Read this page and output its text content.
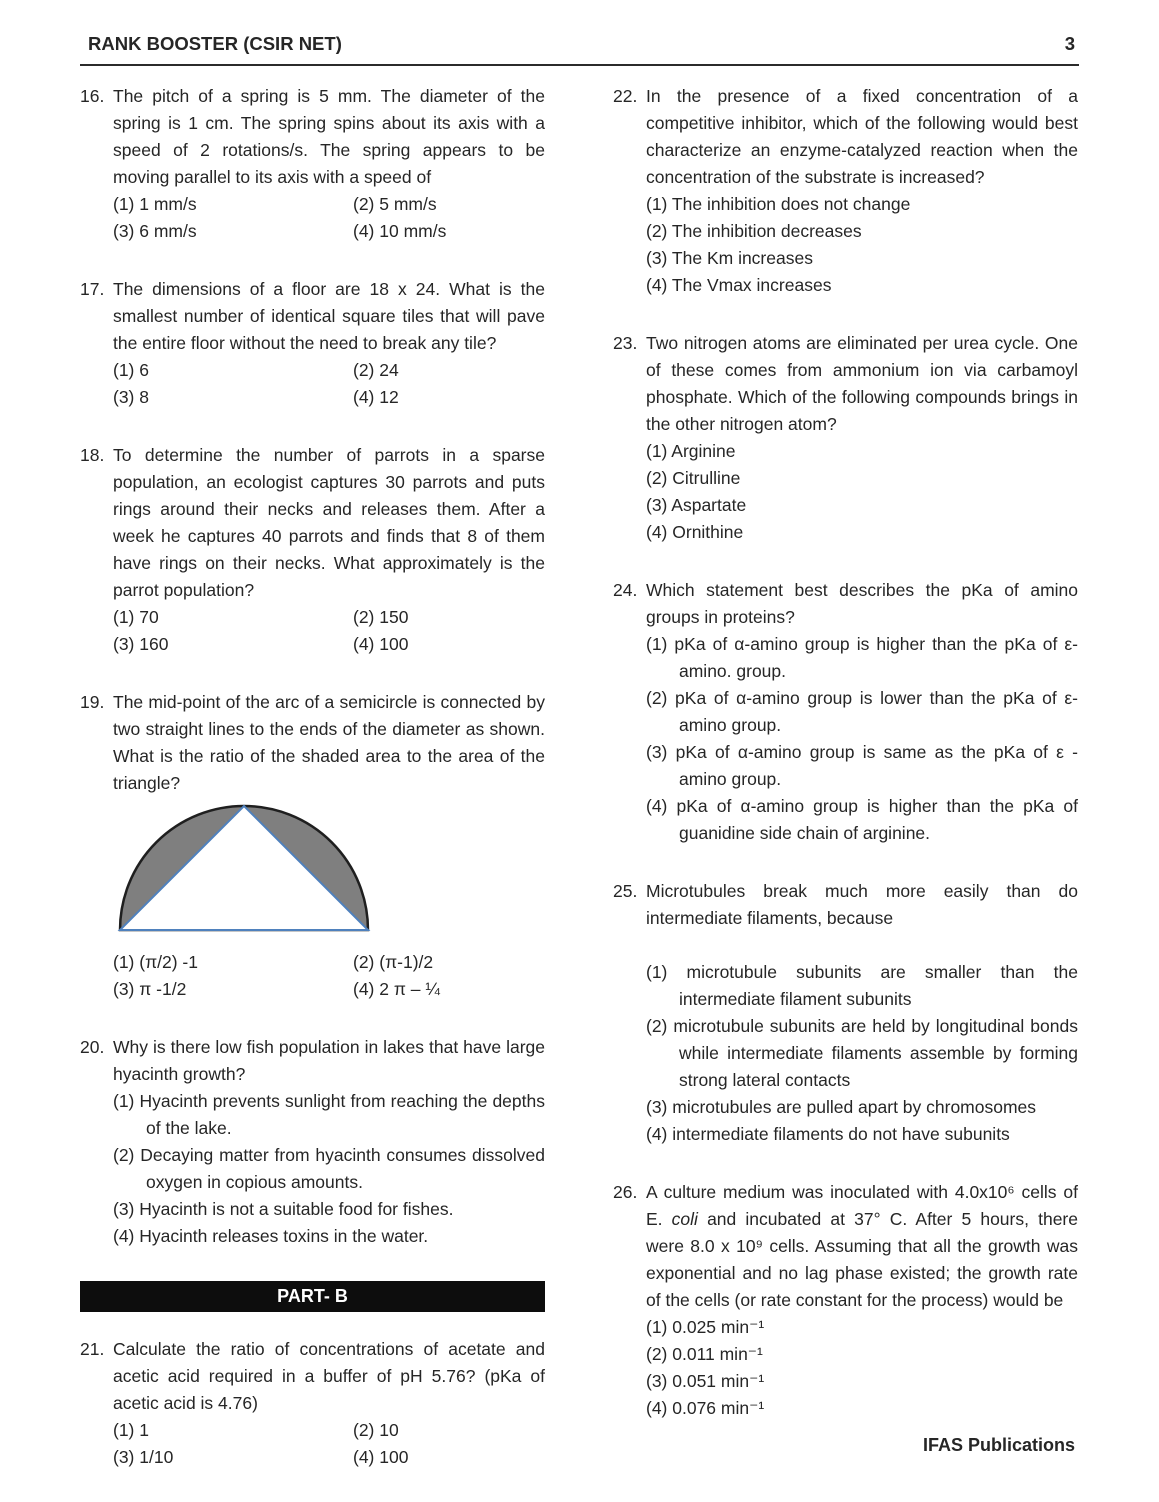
RANK BOOSTER (CSIR NET)	3
16. The pitch of a spring is 5 mm. The diameter of the spring is 1 cm. The spring spins about its axis with a speed of 2 rotations/s. The spring appears to be moving parallel to its axis with a speed of

(1) 1 mm/s	(2) 5 mm/s
(3) 6 mm/s	(4) 10 mm/s
17. The dimensions of a floor are 18 x 24. What is the smallest number of identical square tiles that will pave the entire floor without the need to break any tile?

(1) 6	(2) 24
(3) 8	(4) 12
18. To determine the number of parrots in a sparse population, an ecologist captures 30 parrots and puts rings around their necks and releases them. After a week he captures 40 parrots and finds that 8 of them have rings on their necks. What approximately is the parrot population?

(1) 70	(2) 150
(3) 160	(4) 100
19. The mid-point of the arc of a semicircle is connected by two straight lines to the ends of the diameter as shown. What is the ratio of the shaded area to the area of the triangle?

(1) (π/2) -1	(2) (π-1)/2
(3) π -1/2	(4) 2 π – ¼
20. Why is there low fish population in lakes that have large hyacinth growth?

(1) Hyacinth prevents sunlight from reaching the depths of the lake.
(2) Decaying matter from hyacinth consumes dissolved oxygen in copious amounts.
(3) Hyacinth is not a suitable food for fishes.
(4) Hyacinth releases toxins in the water.
PART- B
21. Calculate the ratio of concentrations of acetate and acetic acid required in a buffer of pH 5.76? (pKa of acetic acid is 4.76)

(1) 1	(2) 10
(3) 1/10	(4) 100
22. In the presence of a fixed concentration of a competitive inhibitor, which of the following would best characterize an enzyme-catalyzed reaction when the concentration of the substrate is increased?

(1) The inhibition does not change
(2) The inhibition decreases
(3) The Km increases
(4) The Vmax increases
23. Two nitrogen atoms are eliminated per urea cycle. One of these comes from ammonium ion via carbamoyl phosphate. Which of the following compounds brings in the other nitrogen atom?

(1) Arginine
(2) Citrulline
(3) Aspartate
(4) Ornithine
24. Which statement best describes the pKa of amino groups in proteins?

(1) pKa of α-amino group is higher than the pKa of ε-amino. group.
(2) pKa of α-amino group is lower than the pKa of ε-amino group.
(3) pKa of α-amino group is same as the pKa of ε -amino group.
(4) pKa of α-amino group is higher than the pKa of guanidine side chain of arginine.
25. Microtubules break much more easily than do intermediate filaments, because

(1) microtubule subunits are smaller than the intermediate filament subunits
(2) microtubule subunits are held by longitudinal bonds while intermediate filaments assemble by forming strong lateral contacts
(3) microtubules are pulled apart by chromosomes
(4) intermediate filaments do not have subunits
26. A culture medium was inoculated with 4.0x10⁶ cells of E. coli and incubated at 37° C. After 5 hours, there were 8.0 x 10⁹ cells. Assuming that all the growth was exponential and no lag phase existed; the growth rate of the cells (or rate constant for the process) would be

(1) 0.025 min⁻¹
(2) 0.011 min⁻¹
(3) 0.051 min⁻¹
(4) 0.076 min⁻¹
IFAS Publications
